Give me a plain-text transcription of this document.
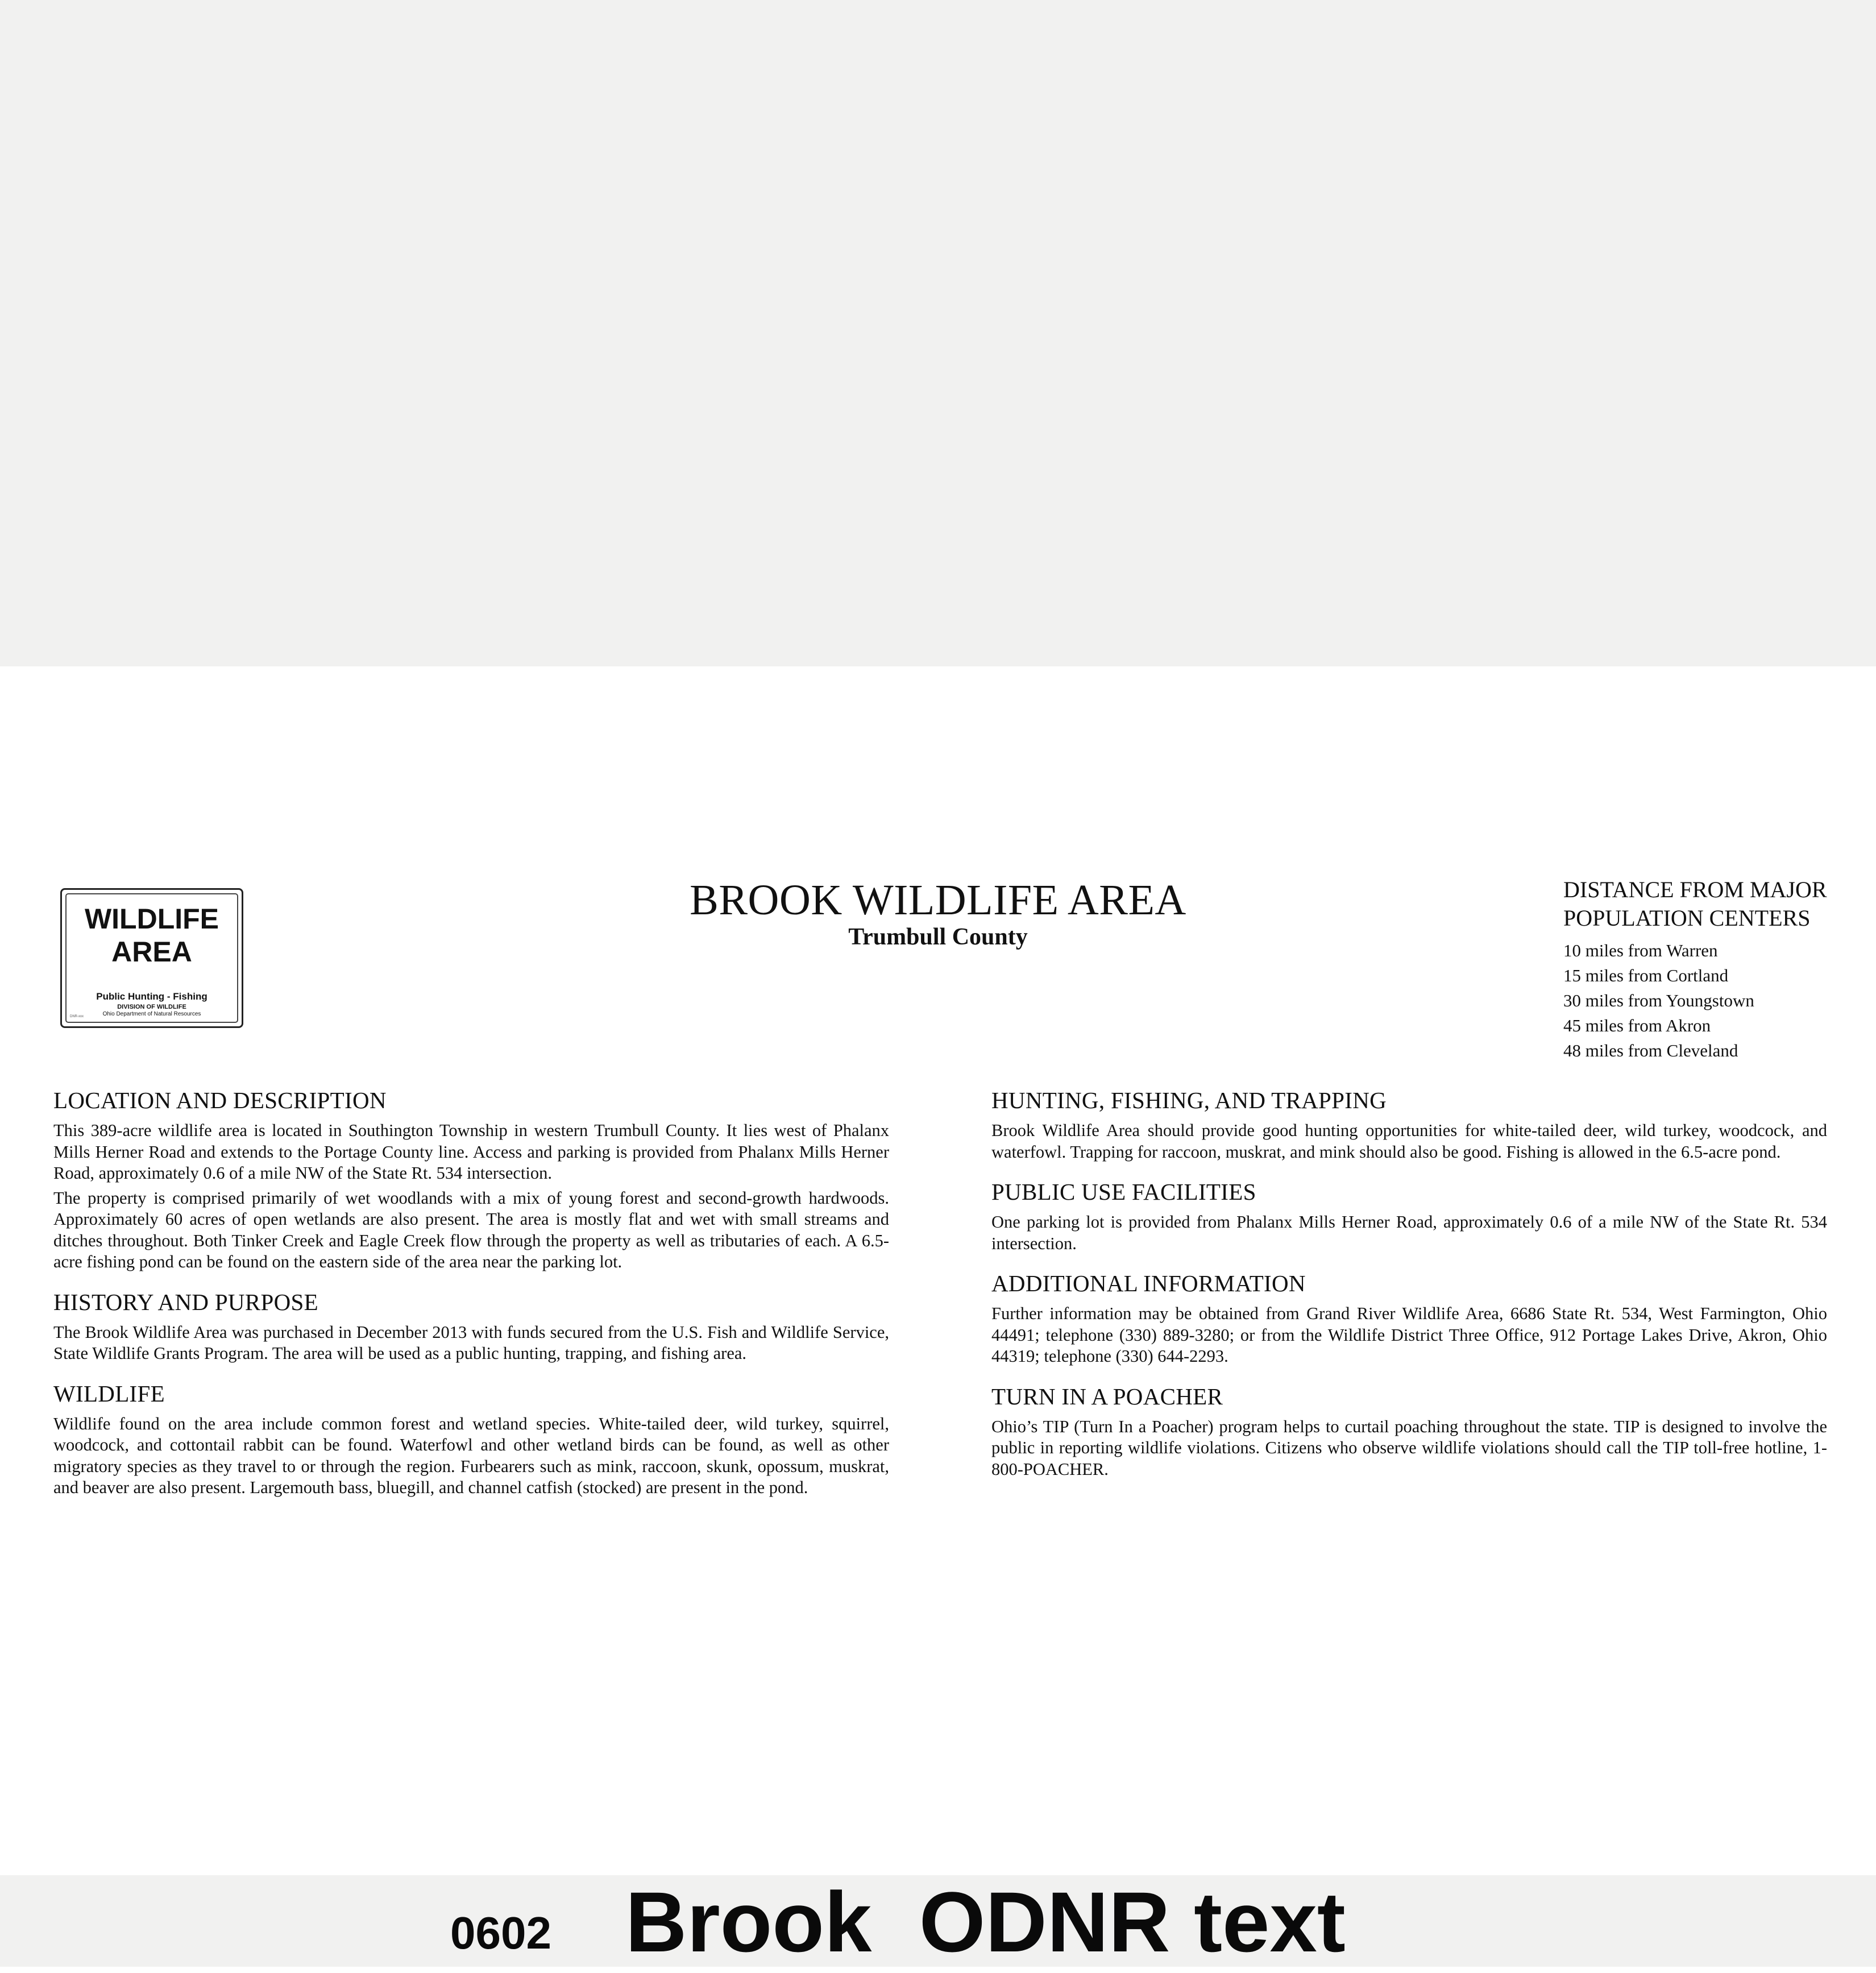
WILDLIFE
AREA
Public Hunting - Fishing
DIVISION OF WILDLIFE
Ohio Department of Natural Resources
DNR-xxx
BROOK WILDLIFE AREA
Trumbull County
DISTANCE FROM MAJOR
POPULATION CENTERS
10 miles from Warren
15 miles from Cortland
30 miles from Youngstown
45 miles from Akron
48 miles from Cleveland
LOCATION AND DESCRIPTION

This 389-acre wildlife area is located in Southington Township in western Trumbull County. It lies west of Phalanx Mills Herner Road and extends to the Portage County line. Access and parking is provided from Phalanx Mills Herner Road, approximately 0.6 of a mile NW of the State Rt. 534 intersection.

The property is comprised primarily of wet woodlands with a mix of young forest and second-growth hardwoods. Approximately 60 acres of open wetlands are also present. The area is mostly flat and wet with small streams and ditches throughout. Both Tinker Creek and Eagle Creek flow through the property as well as tributaries of each. A 6.5-acre fishing pond can be found on the eastern side of the area near the parking lot.

HISTORY AND PURPOSE

The Brook Wildlife Area was purchased in December 2013 with funds secured from the U.S. Fish and Wildlife Service, State Wildlife Grants Program. The area will be used as a public hunting, trapping, and fishing area.

WILDLIFE

Wildlife found on the area include common forest and wetland species. White-tailed deer, wild turkey, squirrel, woodcock, and cottontail rabbit can be found. Waterfowl and other wetland birds can be found, as well as other migratory species as they travel to or through the region. Furbearers such as mink, raccoon, skunk, opossum, muskrat, and beaver are also present. Largemouth bass, bluegill, and channel catfish (stocked) are present in the pond.

HUNTING, FISHING, AND TRAPPING

Brook Wildlife Area should provide good hunting opportunities for white-tailed deer, wild turkey, woodcock, and waterfowl. Trapping for raccoon, muskrat, and mink should also be good. Fishing is allowed in the 6.5-acre pond.

PUBLIC USE FACILITIES

One parking lot is provided from Phalanx Mills Herner Road, approximately 0.6 of a mile NW of the State Rt. 534 intersection.

ADDITIONAL INFORMATION

Further information may be obtained from Grand River Wildlife Area, 6686 State Rt. 534, West Farmington, Ohio 44491; telephone (330) 889-3280; or from the Wildlife District Three Office, 912 Portage Lakes Drive, Akron, Ohio 44319; telephone (330) 644-2293.

TURN IN A POACHER

Ohio’s TIP (Turn In a Poacher) program helps to curtail poaching throughout the state. TIP is designed to involve the public in reporting wildlife violations. Citizens who observe wildlife violations should call the TIP toll-free hotline, 1-800-POACHER.

0602 Brook  ODNR text
